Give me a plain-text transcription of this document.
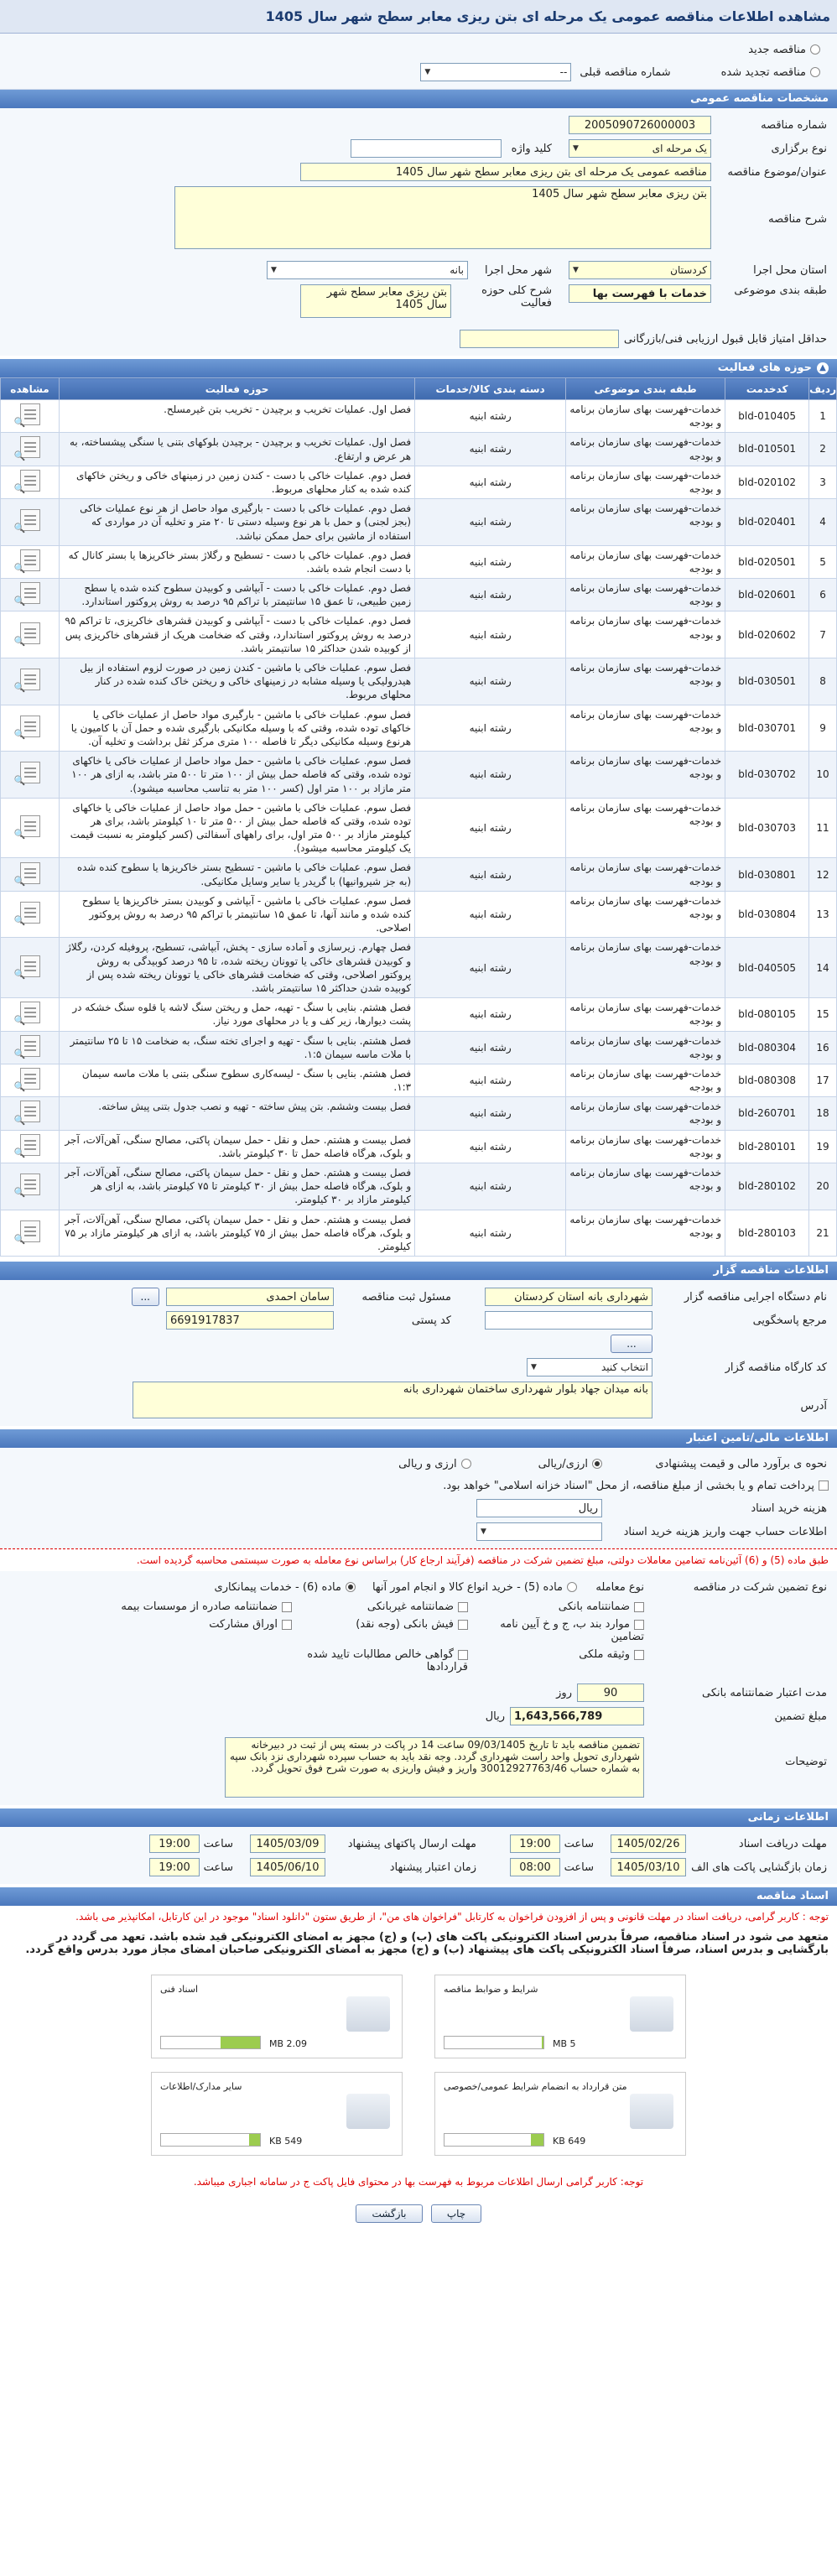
مشاهده اطلاعات مناقصه عمومی یک مرحله ای بتن ریزی معابر سطح شهر سال 1405
مناقصه جدید
مناقصه تجدید شده
شماره مناقصه قبلی
--
▼
مشخصات مناقصه عمومی
شماره مناقصه
2005090726000003
نوع برگزاری
یک مرحله ای
▼
کلید واژه
عنوان/موضوع مناقصه
مناقصه عمومی یک مرحله ای بتن ریزی معابر سطح شهر سال 1405
شرح مناقصه
بتن ریزی معابر سطح شهر سال 1405
استان محل اجرا
کردستان
▼
شهر محل اجرا
بانه
▼
طبقه بندی موضوعی
خدمات با فهرست بها
شرح کلی حوزه فعالیت
بتن ریزی معابر سطح شهر سال 1405
حداقل امتیاز قابل قبول ارزیابی فنی/بازرگانی
▲
حوزه های فعالیت
ردیف	کدخدمت	طبقه بندی موضوعی	دسته بندی کالا/خدمات	حوزه فعالیت	مشاهده
1	bld-010405	خدمات-فهرست بهای سازمان برنامه و بودجه	رشته ابنیه	فصل اول. عملیات تخریب و برچیدن - تخریب بتن غیرمسلح.	🔍
2	bld-010501	خدمات-فهرست بهای سازمان برنامه و بودجه	رشته ابنیه	فصل اول. عملیات تخریب و برچیدن - برچیدن بلوکهای بتنی یا سنگی پیشساخته، به هر عرض و ارتفاع.	🔍
3	bld-020102	خدمات-فهرست بهای سازمان برنامه و بودجه	رشته ابنیه	فصل دوم. عملیات خاکی با دست - کندن زمین در زمینهای خاکی و ریختن خاکهای کنده شده به کنار محلهای مربوط.	🔍
4	bld-020401	خدمات-فهرست بهای سازمان برنامه و بودجه	رشته ابنیه	فصل دوم. عملیات خاکی با دست - بارگیری مواد حاصل از هر نوع عملیات خاکی (بجز لجنی) و حمل با هر نوع وسیله دستی تا ۲۰ متر و تخلیه آن در مواردی که استفاده از ماشین برای حمل ممکن نباشد.	🔍
5	bld-020501	خدمات-فهرست بهای سازمان برنامه و بودجه	رشته ابنیه	فصل دوم. عملیات خاکی با دست - تسطیح و رگلاژ بستر خاکریزها یا بستر کانال که با دست انجام شده باشد.	🔍
6	bld-020601	خدمات-فهرست بهای سازمان برنامه و بودجه	رشته ابنیه	فصل دوم. عملیات خاکی با دست - آبپاشی و کوبیدن سطوح کنده شده یا سطح زمین طبیعی، تا عمق ۱۵ سانتیمتر با تراکم ۹۵ درصد به روش پروکتور استاندارد.	🔍
7	bld-020602	خدمات-فهرست بهای سازمان برنامه و بودجه	رشته ابنیه	فصل دوم. عملیات خاکی با دست - آبپاشی و کوبیدن قشرهای خاکریزی، تا تراکم ۹۵ درصد به روش پروکتور استاندارد، وقتی که ضخامت هریک از قشرهای خاکریزی پس از کوبیده شدن حداکثر ۱۵ سانتیمتر باشد.	🔍
8	bld-030501	خدمات-فهرست بهای سازمان برنامه و بودجه	رشته ابنیه	فصل سوم. عملیات خاکی با ماشین - کندن زمین در صورت لزوم استفاده از بیل هیدرولیکی یا وسیله مشابه در زمینهای خاکی و ریختن خاک کنده شده در کنار محلهای مربوط.	🔍
9	bld-030701	خدمات-فهرست بهای سازمان برنامه و بودجه	رشته ابنیه	فصل سوم. عملیات خاکی با ماشین - بارگیری مواد حاصل از عملیات خاکی یا خاکهای توده شده، وقتی که با وسیله مکانیکی بارگیری شده و حمل آن با کامیون یا هرنوع وسیله مکانیکی دیگر تا فاصله ۱۰۰ متری مرکز ثقل برداشت و تخلیه آن.	🔍
10	bld-030702	خدمات-فهرست بهای سازمان برنامه و بودجه	رشته ابنیه	فصل سوم. عملیات خاکی با ماشین - حمل مواد حاصل از عملیات خاکی یا خاکهای توده شده، وقتی که فاصله حمل بیش از ۱۰۰ متر تا ۵۰۰ متر باشد، به ازای هر ۱۰۰ متر مازاد بر ۱۰۰ متر اول (کسر ۱۰۰ متر به تناسب محاسبه میشود).	🔍
11	bld-030703	خدمات-فهرست بهای سازمان برنامه و بودجه	رشته ابنیه	فصل سوم. عملیات خاکی با ماشین - حمل مواد حاصل از عملیات خاکی یا خاکهای توده شده، وقتی که فاصله حمل بیش از ۵۰۰ متر تا ۱۰ کیلومتر باشد، برای هر کیلومتر مازاد بر ۵۰۰ متر اول، برای راههای آسفالتی (کسر کیلومتر به نسبت قیمت یک کیلومتر محاسبه میشود).	🔍
12	bld-030801	خدمات-فهرست بهای سازمان برنامه و بودجه	رشته ابنیه	فصل سوم. عملیات خاکی با ماشین - تسطیح بستر خاکریزها یا سطوح کنده شده (به جز شیروانیها) با گریدر یا سایر وسایل مکانیکی.	🔍
13	bld-030804	خدمات-فهرست بهای سازمان برنامه و بودجه	رشته ابنیه	فصل سوم. عملیات خاکی با ماشین - آبپاشی و کوبیدن بستر خاکریزها یا سطوح کنده شده و مانند آنها، تا عمق ۱۵ سانتیمتر با تراکم ۹۵ درصد به روش پروکتور اصلاحی.	🔍
14	bld-040505	خدمات-فهرست بهای سازمان برنامه و بودجه	رشته ابنیه	فصل چهارم. زیرسازی و آماده سازی - پخش، آبپاشی، تسطیح، پروفیله کردن، رگلاژ و کوبیدن قشرهای خاکی یا توونان ریخته شده، تا ۹۵ درصد کوبیدگی به روش پروکتور اصلاحی، وقتی که ضخامت قشرهای خاکی یا توونان ریخته شده پس از کوبیده شدن حداکثر ۱۵ سانتیمتر باشد.	🔍
15	bld-080105	خدمات-فهرست بهای سازمان برنامه و بودجه	رشته ابنیه	فصل هشتم. بنایی با سنگ - تهیه، حمل و ریختن سنگ لاشه یا قلوه سنگ خشکه در پشت دیوارها، زیر کف و یا در محلهای مورد نیاز.	🔍
16	bld-080304	خدمات-فهرست بهای سازمان برنامه و بودجه	رشته ابنیه	فصل هشتم. بنایی با سنگ - تهیه و اجرای تخته سنگ، به ضخامت ۱۵ تا ۲۵ سانتیمتر با ملات ماسه سیمان ۱:۵.	🔍
17	bld-080308	خدمات-فهرست بهای سازمان برنامه و بودجه	رشته ابنیه	فصل هشتم. بنایی با سنگ - لیسه‌کاری سطوح سنگی بتنی با ملات ماسه سیمان ۱:۳.	🔍
18	bld-260701	خدمات-فهرست بهای سازمان برنامه و بودجه	رشته ابنیه	فصل بیست وششم. بتن پیش ساخته - تهیه و نصب جدول بتنی پیش ساخته.	🔍
19	bld-280101	خدمات-فهرست بهای سازمان برنامه و بودجه	رشته ابنیه	فصل بیست و هشتم. حمل و نقل - حمل سیمان پاکتی، مصالح سنگی، آهن‌آلات، آجر و بلوک، هرگاه فاصله حمل تا ۳۰ کیلومتر باشد.	🔍
20	bld-280102	خدمات-فهرست بهای سازمان برنامه و بودجه	رشته ابنیه	فصل بیست و هشتم. حمل و نقل - حمل سیمان پاکتی، مصالح سنگی، آهن‌آلات، آجر و بلوک، هرگاه فاصله حمل بیش از ۳۰ کیلومتر تا ۷۵ کیلومتر باشد، به ازای هر کیلومتر مازاد بر ۳۰ کیلومتر.	🔍
21	bld-280103	خدمات-فهرست بهای سازمان برنامه و بودجه	رشته ابنیه	فصل بیست و هشتم. حمل و نقل - حمل سیمان پاکتی، مصالح سنگی، آهن‌آلات، آجر و بلوک، هرگاه فاصله حمل بیش از ۷۵ کیلومتر باشد، به ازای هر کیلومتر مازاد بر ۷۵ کیلومتر.	🔍
اطلاعات مناقصه گزار
نام دستگاه اجرایی مناقصه گزار
شهرداری بانه استان کردستان
مسئول ثبت مناقصه
سامان احمدی
...
مرجع پاسخگویی
کد پستی
6691917837
...
کد کارگاه مناقصه گزار
انتخاب کنید
▼
آدرس
بانه میدان جهاد بلوار شهرداری ساختمان شهرداری بانه
اطلاعات مالی/تامین اعتبار
نحوه ی برآورد مالی و قیمت پیشنهادی
ارزی/ریالی
ارزی و ریالی
پرداخت تمام و یا بخشی از مبلغ مناقصه، از محل "اسناد خزانه اسلامی" خواهد بود.
هزینه خرید اسناد
ریال
اطلاعات حساب جهت واریز هزینه خرید اسناد
▼
طبق ماده (5) و (6) آئین‌نامه تضامین معاملات دولتی، مبلغ تضمین شرکت در مناقصه (فرآیند ارجاع کار) براساس نوع معامله به صورت سیستمی محاسبه گردیده است.
نوع تضمین شرکت در مناقصه
نوع معامله
ماده (5) - خرید انواع کالا و انجام امور آنها
ماده (6) - خدمات پیمانکاری
ضمانتنامه بانکی
ضمانتنامه غیربانکی
ضمانتنامه صادره از موسسات بیمه
موارد بند ب، ج و خ آیین نامه تضامین
فیش بانکی (وجه نقد)
اوراق مشارکت
وثیقه ملکی
گواهی خالص مطالبات تایید شده قراردادها
مدت اعتبار ضمانتنامه بانکی
90
روز
مبلغ تضمین
1,643,566,789
ریال
توضیحات
تضمین مناقصه باید تا تاریخ 09/03/1405 ساعت 14 در پاکت در بسته پس از ثبت در دبیرخانه شهرداری تحویل واحد راست شهرداری گردد. وجه نقد باید به حساب سپرده شهرداری نزد بانک سپه به شماره حساب 30012927763/46 واریز و فیش واریزی به صورت شرح فوق تحویل گردد.
اطلاعات زمانی
مهلت دریافت اسناد
1405/02/26
ساعت
19:00
مهلت ارسال پاکتهای پیشنهاد
1405/03/09
ساعت
19:00
زمان بازگشایی پاکت های الف
1405/03/10
ساعت
08:00
زمان اعتبار پیشنهاد
1405/06/10
ساعت
19:00
اسناد مناقصه
توجه : کاربر گرامی، دریافت اسناد در مهلت قانونی و پس از افزودن فراخوان به کارتابل "فراخوان های من"، از طریق ستون "دانلود اسناد" موجود در این کارتابل، امکانپذیر می باشد.
متعهد می شود در اسناد مناقصه، صرفاً بدرس اسناد الکترونیکی پاکت های (ب) و (ج) مجهز به امضای الکترونیکی قید شده باشد. تعهد می گردد در بارگشایی و بدرس اسناد، صرفاً اسناد الکترونیکی پاکت های پیشنهاد (ب) و (ج) مجهز به امضای الکترونیکی صاحبان امضای مجاز مورد بدرس واقع گردد.
شرایط و ضوابط مناقصه
5 MB
اسناد فنی
2.09 MB
متن قرارداد به انضمام شرایط عمومی/خصوصی
649 KB
سایر مدارک/اطلاعات
549 KB
توجه: کاربر گرامی ارسال اطلاعات مربوط به فهرست بها در محتوای فایل پاکت ج در سامانه اجباری میباشد.
چاپ
بازگشت
